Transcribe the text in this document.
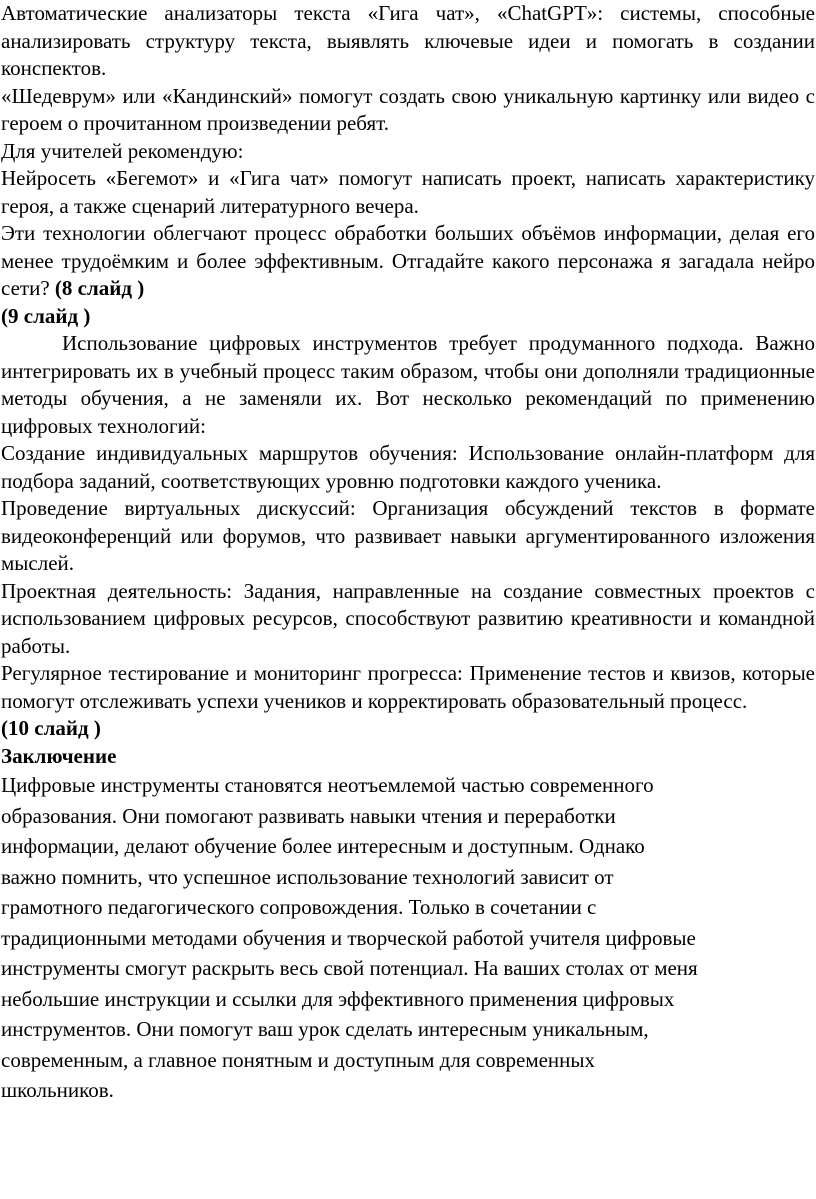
Автоматические анализаторы текста «Гига чат», «ChatGPT»: системы, способные анализировать структуру текста, выявлять ключевые идеи и помогать в создании конспектов.

«Шедеврум» или «Кандинский» помогут создать свою уникальную картинку или видео с героем о прочитанном произведении ребят.

Для учителей рекомендую:

Нейросеть «Бегемот» и «Гига чат» помогут написать проект, написать характеристику героя, а также сценарий литературного вечера.

Эти технологии облегчают процесс обработки больших объёмов информации, делая его менее трудоёмким и более эффективным. Отгадайте какого персонажа я загадала нейро сети? (8 слайд )

(9 слайд )

Использование цифровых инструментов требует продуманного подхода. Важно интегрировать их в учебный процесс таким образом, чтобы они дополняли традиционные методы обучения, а не заменяли их. Вот несколько рекомендаций по применению цифровых технологий:

Создание индивидуальных маршрутов обучения: Использование онлайн-платформ для подбора заданий, соответствующих уровню подготовки каждого ученика.

Проведение виртуальных дискуссий: Организация обсуждений текстов в формате видеоконференций или форумов, что развивает навыки аргументированного изложения мыслей.

Проектная деятельность: Задания, направленные на создание совместных проектов с использованием цифровых ресурсов, способствуют развитию креативности и командной работы.

Регулярное тестирование и мониторинг прогресса: Применение тестов и квизов, которые помогут отслеживать успехи учеников и корректировать образовательный процесс.

(10 слайд )

Заключение

Цифровые инструменты становятся неотъемлемой частью современного
образования. Они помогают развивать навыки чтения и переработки
информации, делают обучение более интересным и доступным. Однако
важно помнить, что успешное использование технологий зависит от
грамотного педагогического сопровождения. Только в сочетании с
традиционными методами обучения и творческой работой учителя цифровые
инструменты смогут раскрыть весь свой потенциал. На ваших столах от меня
небольшие инструкции и ссылки для эффективного применения цифровых
инструментов. Они помогут ваш урок сделать интересным уникальным,
современным, а главное понятным и доступным для современных
школьников.
